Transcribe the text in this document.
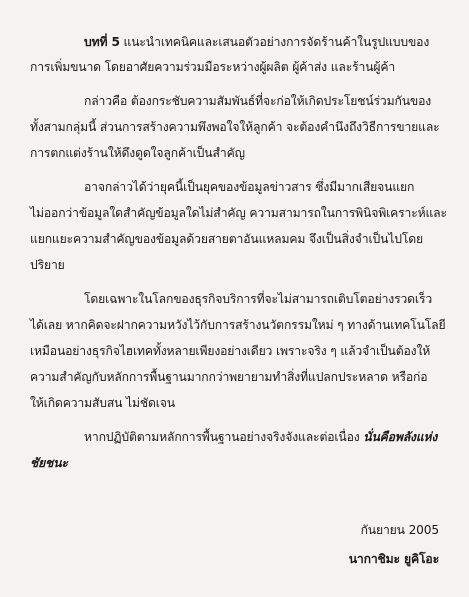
บทที่ 5 แนะนำเทคนิคและเสนอตัวอย่างการจัดร้านค้าในรูปแบบของ
การเพิ่มขนาด โดยอาศัยความร่วมมือระหว่างผู้ผลิต ผู้ค้าส่ง และร้านผู้ค้า
กล่าวคือ ต้องกระชับความสัมพันธ์ที่จะก่อให้เกิดประโยชน์ร่วมกันของ
ทั้งสามกลุ่มนี้ ส่วนการสร้างความพึงพอใจให้ลูกค้า จะต้องคำนึงถึงวิธีการขายและ
การตกแต่งร้านให้ดึงดูดใจลูกค้าเป็นสำคัญ
อาจกล่าวได้ว่ายุคนี้เป็นยุคของข้อมูลข่าวสาร ซึ่งมีมากเสียจนแยก
ไม่ออกว่าข้อมูลใดสำคัญข้อมูลใดไม่สำคัญ ความสามารถในการพินิจพิเคราะห์และ
แยกแยะความสำคัญของข้อมูลด้วยสายตาอันแหลมคม จึงเป็นสิ่งจำเป็นไปโดย
ปริยาย
โดยเฉพาะในโลกของธุรกิจบริการที่จะไม่สามารถเติบโตอย่างรวดเร็ว
ได้เลย หากคิดจะฝากความหวังไว้กับการสร้างนวัตกรรมใหม่ ๆ ทางด้านเทคโนโลยี
เหมือนอย่างธุรกิจไฮเทคทั้งหลายเพียงอย่างเดียว เพราะจริง ๆ แล้วจำเป็นต้องให้
ความสำคัญกับหลักการพื้นฐานมากกว่าพยายามทำสิ่งที่แปลกประหลาด หรือก่อ
ให้เกิดความสับสน ไม่ชัดเจน
หากปฏิบัติตามหลักการพื้นฐานอย่างจริงจังและต่อเนื่อง นั่นคือพลังแห่ง
ชัยชนะ
กันยายน 2005
นากาชิมะ ยูคิโอะ
